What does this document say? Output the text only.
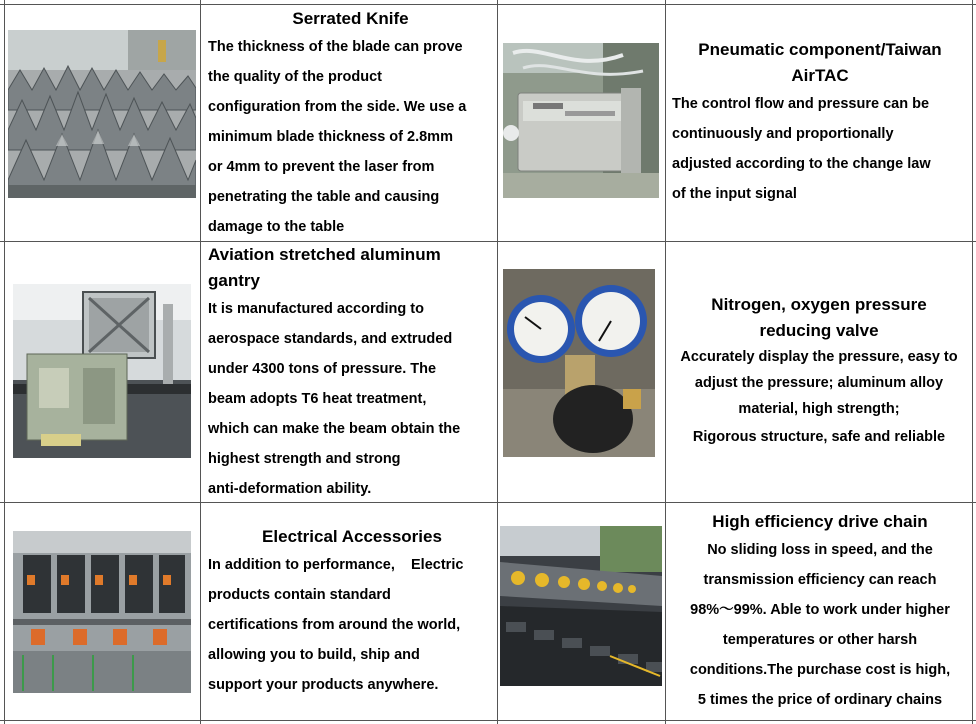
Serrated Knife
The thickness of the blade can prove
the quality of the product
configuration from the side. We use a
minimum blade thickness of 2.8mm
or 4mm to prevent the laser from
penetrating the table and causing
damage to the table
Pneumatic component/Taiwan
AirTAC
The control flow and pressure can be
continuously and proportionally
adjusted according to the change law
of the input signal
Aviation stretched aluminum
gantry
It is manufactured according to
aerospace standards, and extruded
under 4300 tons of pressure. The
beam adopts T6 heat treatment,
which can make the beam obtain the
highest strength and strong
anti-deformation ability.
Nitrogen, oxygen pressure
reducing valve
Accurately display the pressure, easy to
adjust the pressure; aluminum alloy
material, high strength;
Rigorous structure, safe and reliable
Electrical Accessories
In addition to performance,    Electric
products contain standard
certifications from around the world,
allowing you to build, ship and
support your products anywhere.
High efficiency drive chain
No sliding loss in speed, and the
transmission efficiency can reach
98%～99%. Able to work under higher
temperatures or other harsh
conditions.The purchase cost is high,
5 times the price of ordinary chains
